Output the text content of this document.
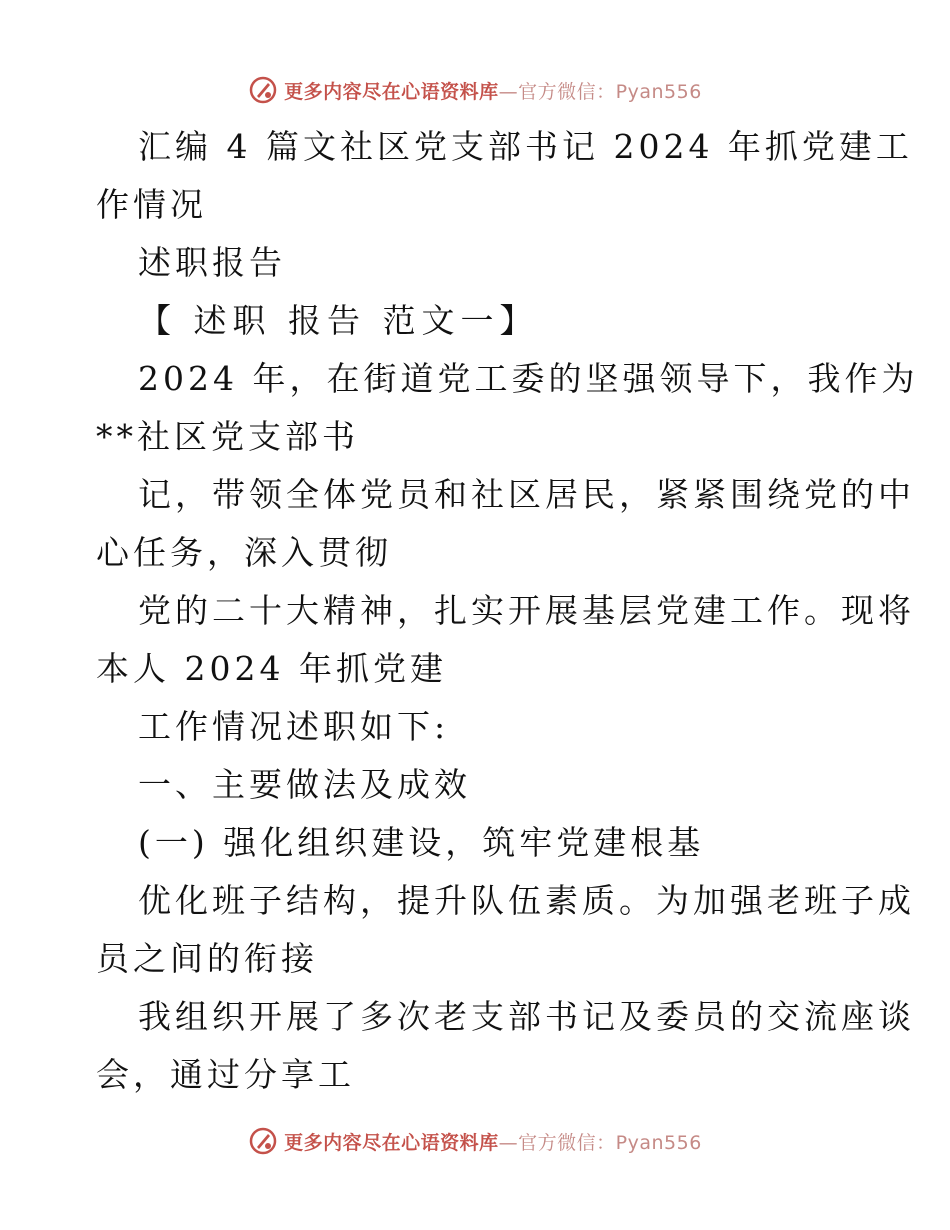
更多内容尽在心语资料库—官方微信：Pyan556
汇编 4 篇文社区党支部书记 2024 年抓党建工
作情况
述职报告
【 述职 报告 范文一】
2024 年，在街道党工委的坚强领导下，我作为
**社区党支部书
记，带领全体党员和社区居民，紧紧围绕党的中
心任务，深入贯彻
党的二十大精神，扎实开展基层党建工作。现将
本人 2024 年抓党建
工作情况述职如下:
一、主要做法及成效
(一) 强化组织建设，筑牢党建根基
优化班子结构，提升队伍素质。为加强老班子成
员之间的衔接
我组织开展了多次老支部书记及委员的交流座谈
会，通过分享工
更多内容尽在心语资料库—官方微信：Pyan556
